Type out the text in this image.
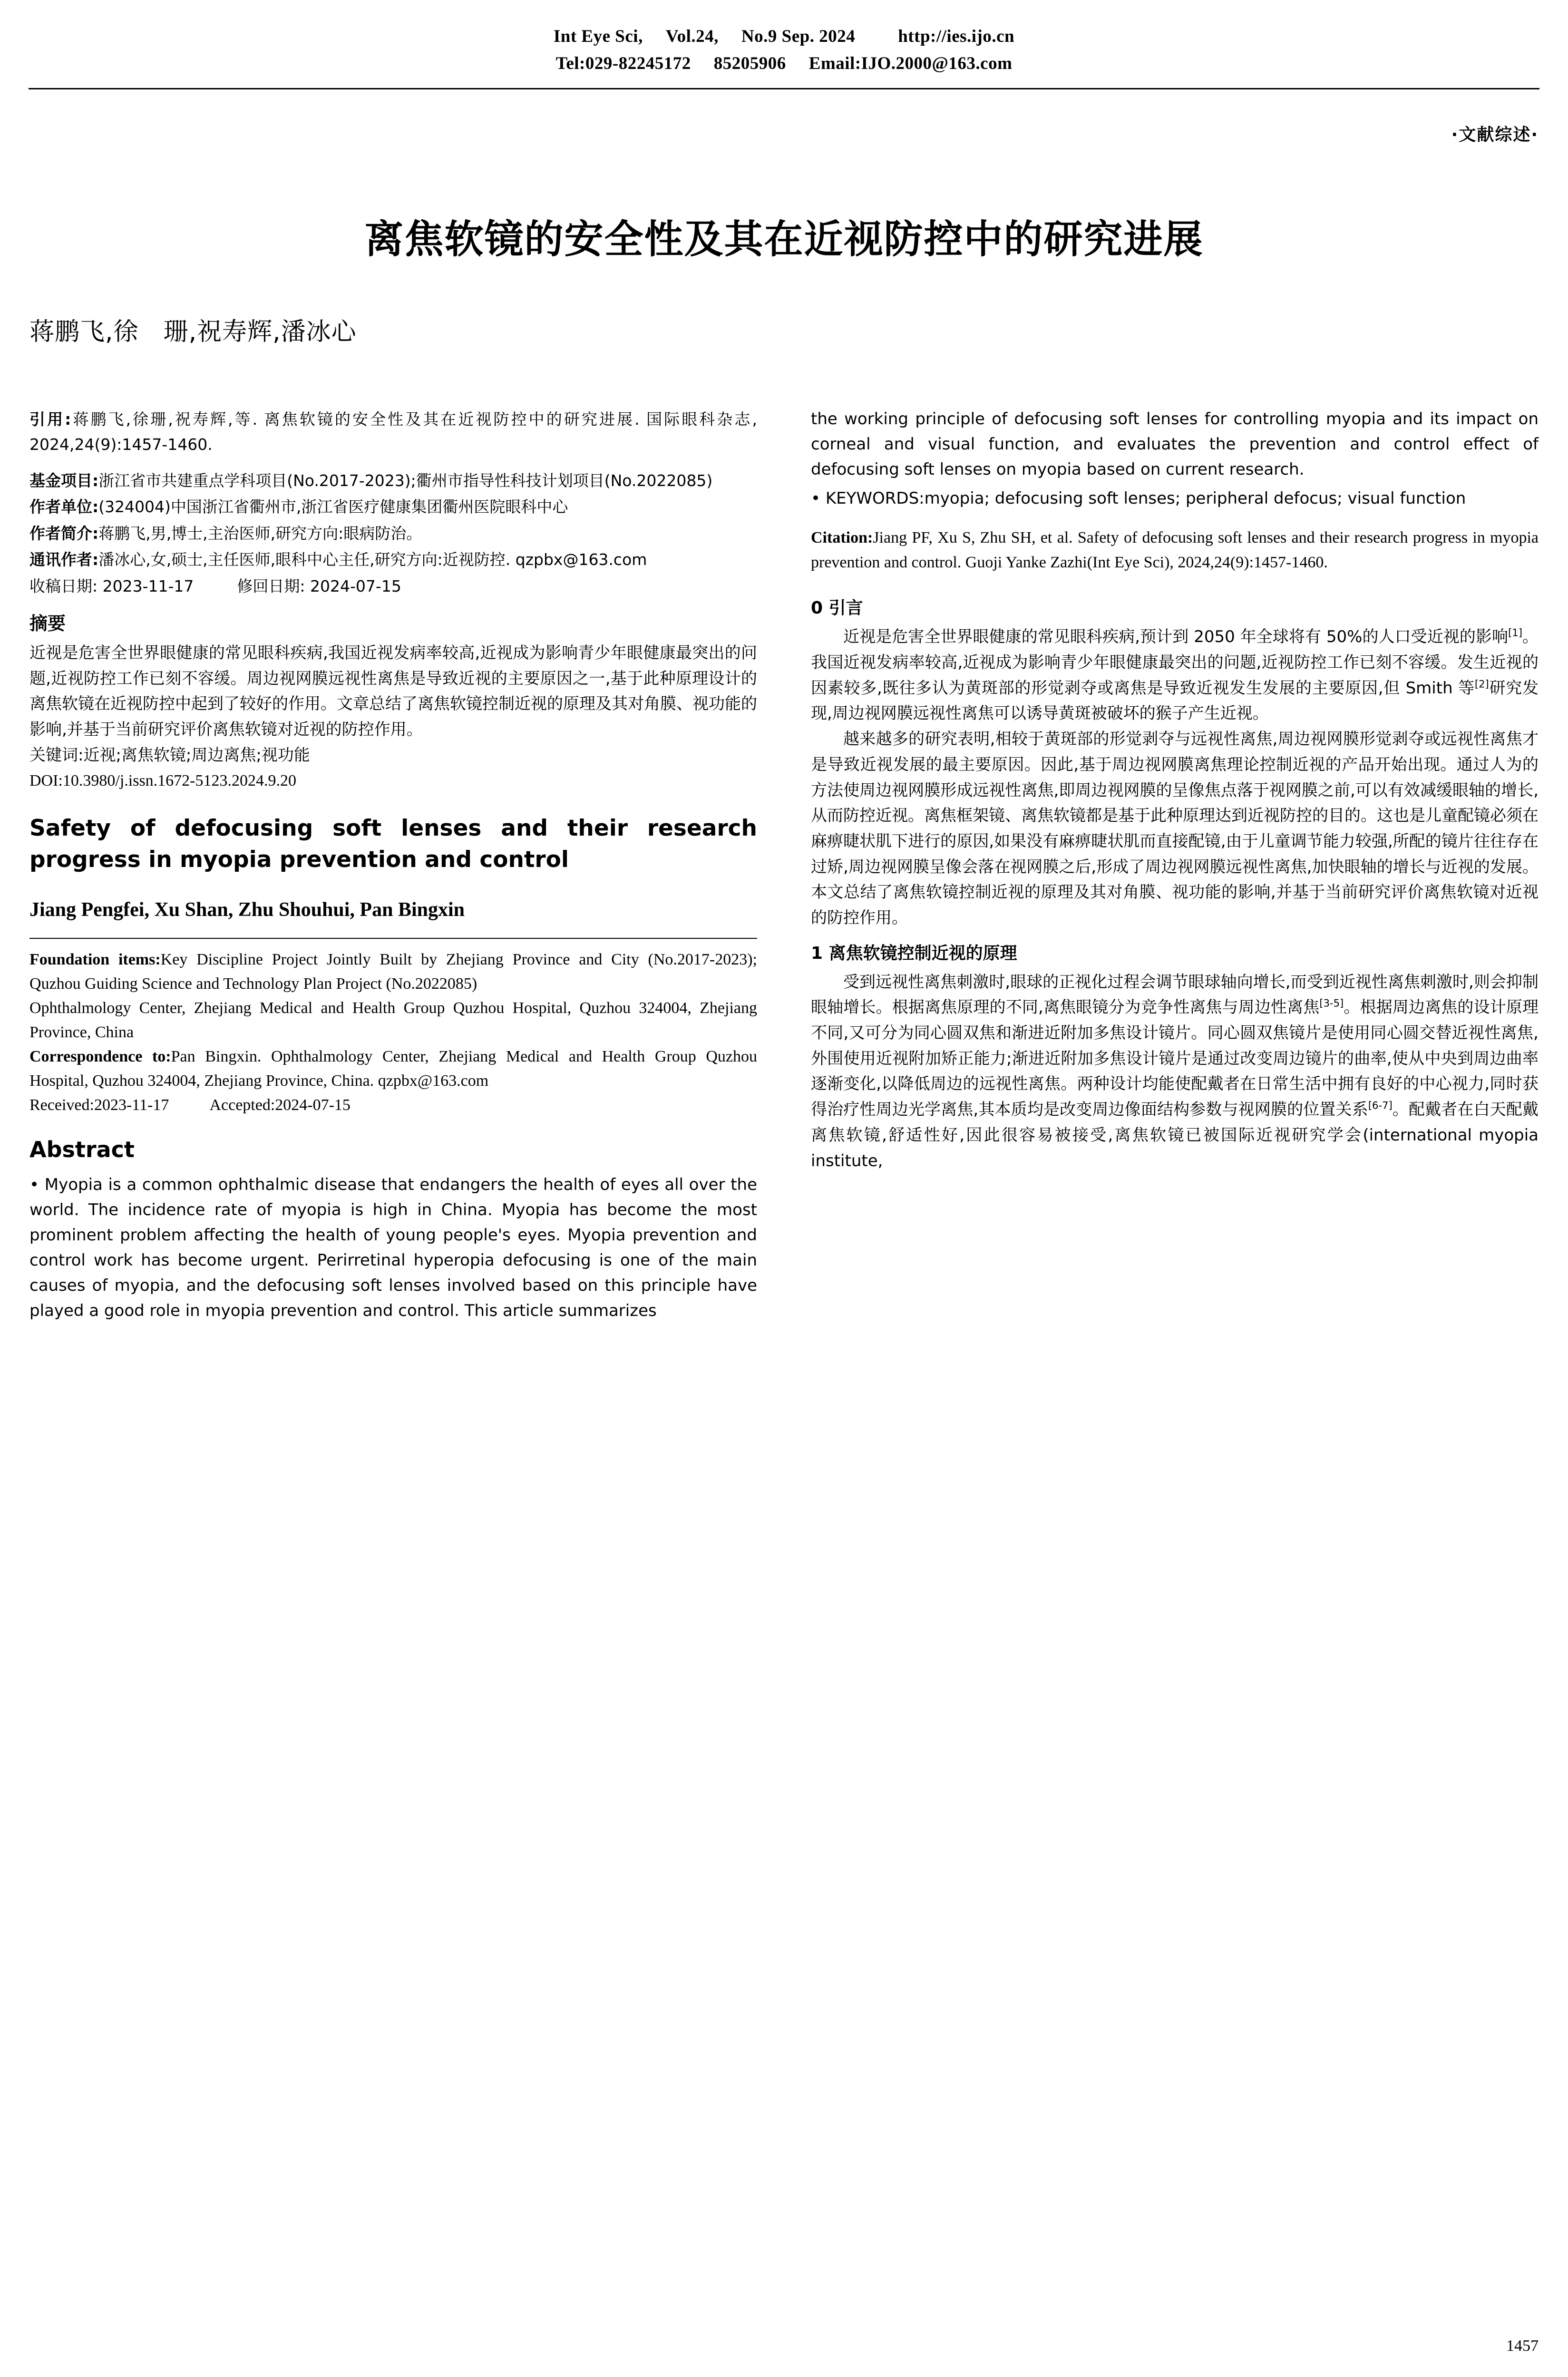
Int Eye Sci, Vol.24, No.9 Sep. 2024 http://ies.ijo.cn
Tel:029-82245172 85205906 Email:IJO.2000@163.com
·文献综述·
离焦软镜的安全性及其在近视防控中的研究进展
蒋鹏飞,徐 珊,祝寿辉,潘冰心

引用:蒋鹏飞,徐珊,祝寿辉,等. 离焦软镜的安全性及其在近视防控中的研究进展. 国际眼科杂志, 2024,24(9):1457-1460.

基金项目:浙江省市共建重点学科项目(No.2017-2023);衢州市指导性科技计划项目(No.2022085)

作者单位:(324004)中国浙江省衢州市,浙江省医疗健康集团衢州医院眼科中心

作者简介:蒋鹏飞,男,博士,主治医师,研究方向:眼病防治。

通讯作者:潘冰心,女,硕士,主任医师,眼科中心主任,研究方向:近视防控. qzpbx@163.com

收稿日期: 2023-11-17	修回日期: 2024-07-15

摘要

近视是危害全世界眼健康的常见眼科疾病,我国近视发病率较高,近视成为影响青少年眼健康最突出的问题,近视防控工作已刻不容缓。周边视网膜远视性离焦是导致近视的主要原因之一,基于此种原理设计的离焦软镜在近视防控中起到了较好的作用。文章总结了离焦软镜控制近视的原理及其对角膜、视功能的影响,并基于当前研究评价离焦软镜对近视的防控作用。

关键词:近视;离焦软镜;周边离焦;视功能

DOI:10.3980/j.issn.1672-5123.2024.9.20

Safety of defocusing soft lenses and their research progress in myopia prevention and control
Jiang Pengfei, Xu Shan, Zhu Shouhui, Pan Bingxin

Foundation items:Key Discipline Project Jointly Built by Zhejiang Province and City (No.2017-2023); Quzhou Guiding Science and Technology Plan Project (No.2022085)

Ophthalmology Center, Zhejiang Medical and Health Group Quzhou Hospital, Quzhou 324004, Zhejiang Province, China

Correspondence to:Pan Bingxin. Ophthalmology Center, Zhejiang Medical and Health Group Quzhou Hospital, Quzhou 324004, Zhejiang Province, China. qzpbx@163.com

Received:2023-11-17	Accepted:2024-07-15

Abstract

• Myopia is a common ophthalmic disease that endangers the health of eyes all over the world. The incidence rate of myopia is high in China. Myopia has become the most prominent problem affecting the health of young people's eyes. Myopia prevention and control work has become urgent. Perirretinal hyperopia defocusing is one of the main causes of myopia, and the defocusing soft lenses involved based on this principle have played a good role in myopia prevention and control. This article summarizes

the working principle of defocusing soft lenses for controlling myopia and its impact on corneal and visual function, and evaluates the prevention and control effect of defocusing soft lenses on myopia based on current research.

• KEYWORDS:myopia; defocusing soft lenses; peripheral defocus; visual function

Citation:Jiang PF, Xu S, Zhu SH, et al. Safety of defocusing soft lenses and their research progress in myopia prevention and control. Guoji Yanke Zazhi(Int Eye Sci), 2024,24(9):1457-1460.

0 引言

近视是危害全世界眼健康的常见眼科疾病,预计到 2050 年全球将有 50%的人口受近视的影响[1]。我国近视发病率较高,近视成为影响青少年眼健康最突出的问题,近视防控工作已刻不容缓。发生近视的因素较多,既往多认为黄斑部的形觉剥夺或离焦是导致近视发生发展的主要原因,但 Smith 等[2]研究发现,周边视网膜远视性离焦可以诱导黄斑被破坏的猴子产生近视。

越来越多的研究表明,相较于黄斑部的形觉剥夺与远视性离焦,周边视网膜形觉剥夺或远视性离焦才是导致近视发展的最主要原因。因此,基于周边视网膜离焦理论控制近视的产品开始出现。通过人为的方法使周边视网膜形成远视性离焦,即周边视网膜的呈像焦点落于视网膜之前,可以有效减缓眼轴的增长,从而防控近视。离焦框架镜、离焦软镜都是基于此种原理达到近视防控的目的。这也是儿童配镜必须在麻痹睫状肌下进行的原因,如果没有麻痹睫状肌而直接配镜,由于儿童调节能力较强,所配的镜片往往存在过矫,周边视网膜呈像会落在视网膜之后,形成了周边视网膜远视性离焦,加快眼轴的增长与近视的发展。本文总结了离焦软镜控制近视的原理及其对角膜、视功能的影响,并基于当前研究评价离焦软镜对近视的防控作用。

1 离焦软镜控制近视的原理

受到远视性离焦刺激时,眼球的正视化过程会调节眼球轴向增长,而受到近视性离焦刺激时,则会抑制眼轴增长。根据离焦原理的不同,离焦眼镜分为竞争性离焦与周边性离焦[3-5]。根据周边离焦的设计原理不同,又可分为同心圆双焦和渐进近附加多焦设计镜片。同心圆双焦镜片是使用同心圆交替近视性离焦,外围使用近视附加矫正能力;渐进近附加多焦设计镜片是通过改变周边镜片的曲率,使从中央到周边曲率逐渐变化,以降低周边的远视性离焦。两种设计均能使配戴者在日常生活中拥有良好的中心视力,同时获得治疗性周边光学离焦,其本质均是改变周边像面结构参数与视网膜的位置关系[6-7]。配戴者在白天配戴离焦软镜,舒适性好,因此很容易被接受,离焦软镜已被国际近视研究学会(international myopia institute,

1457
